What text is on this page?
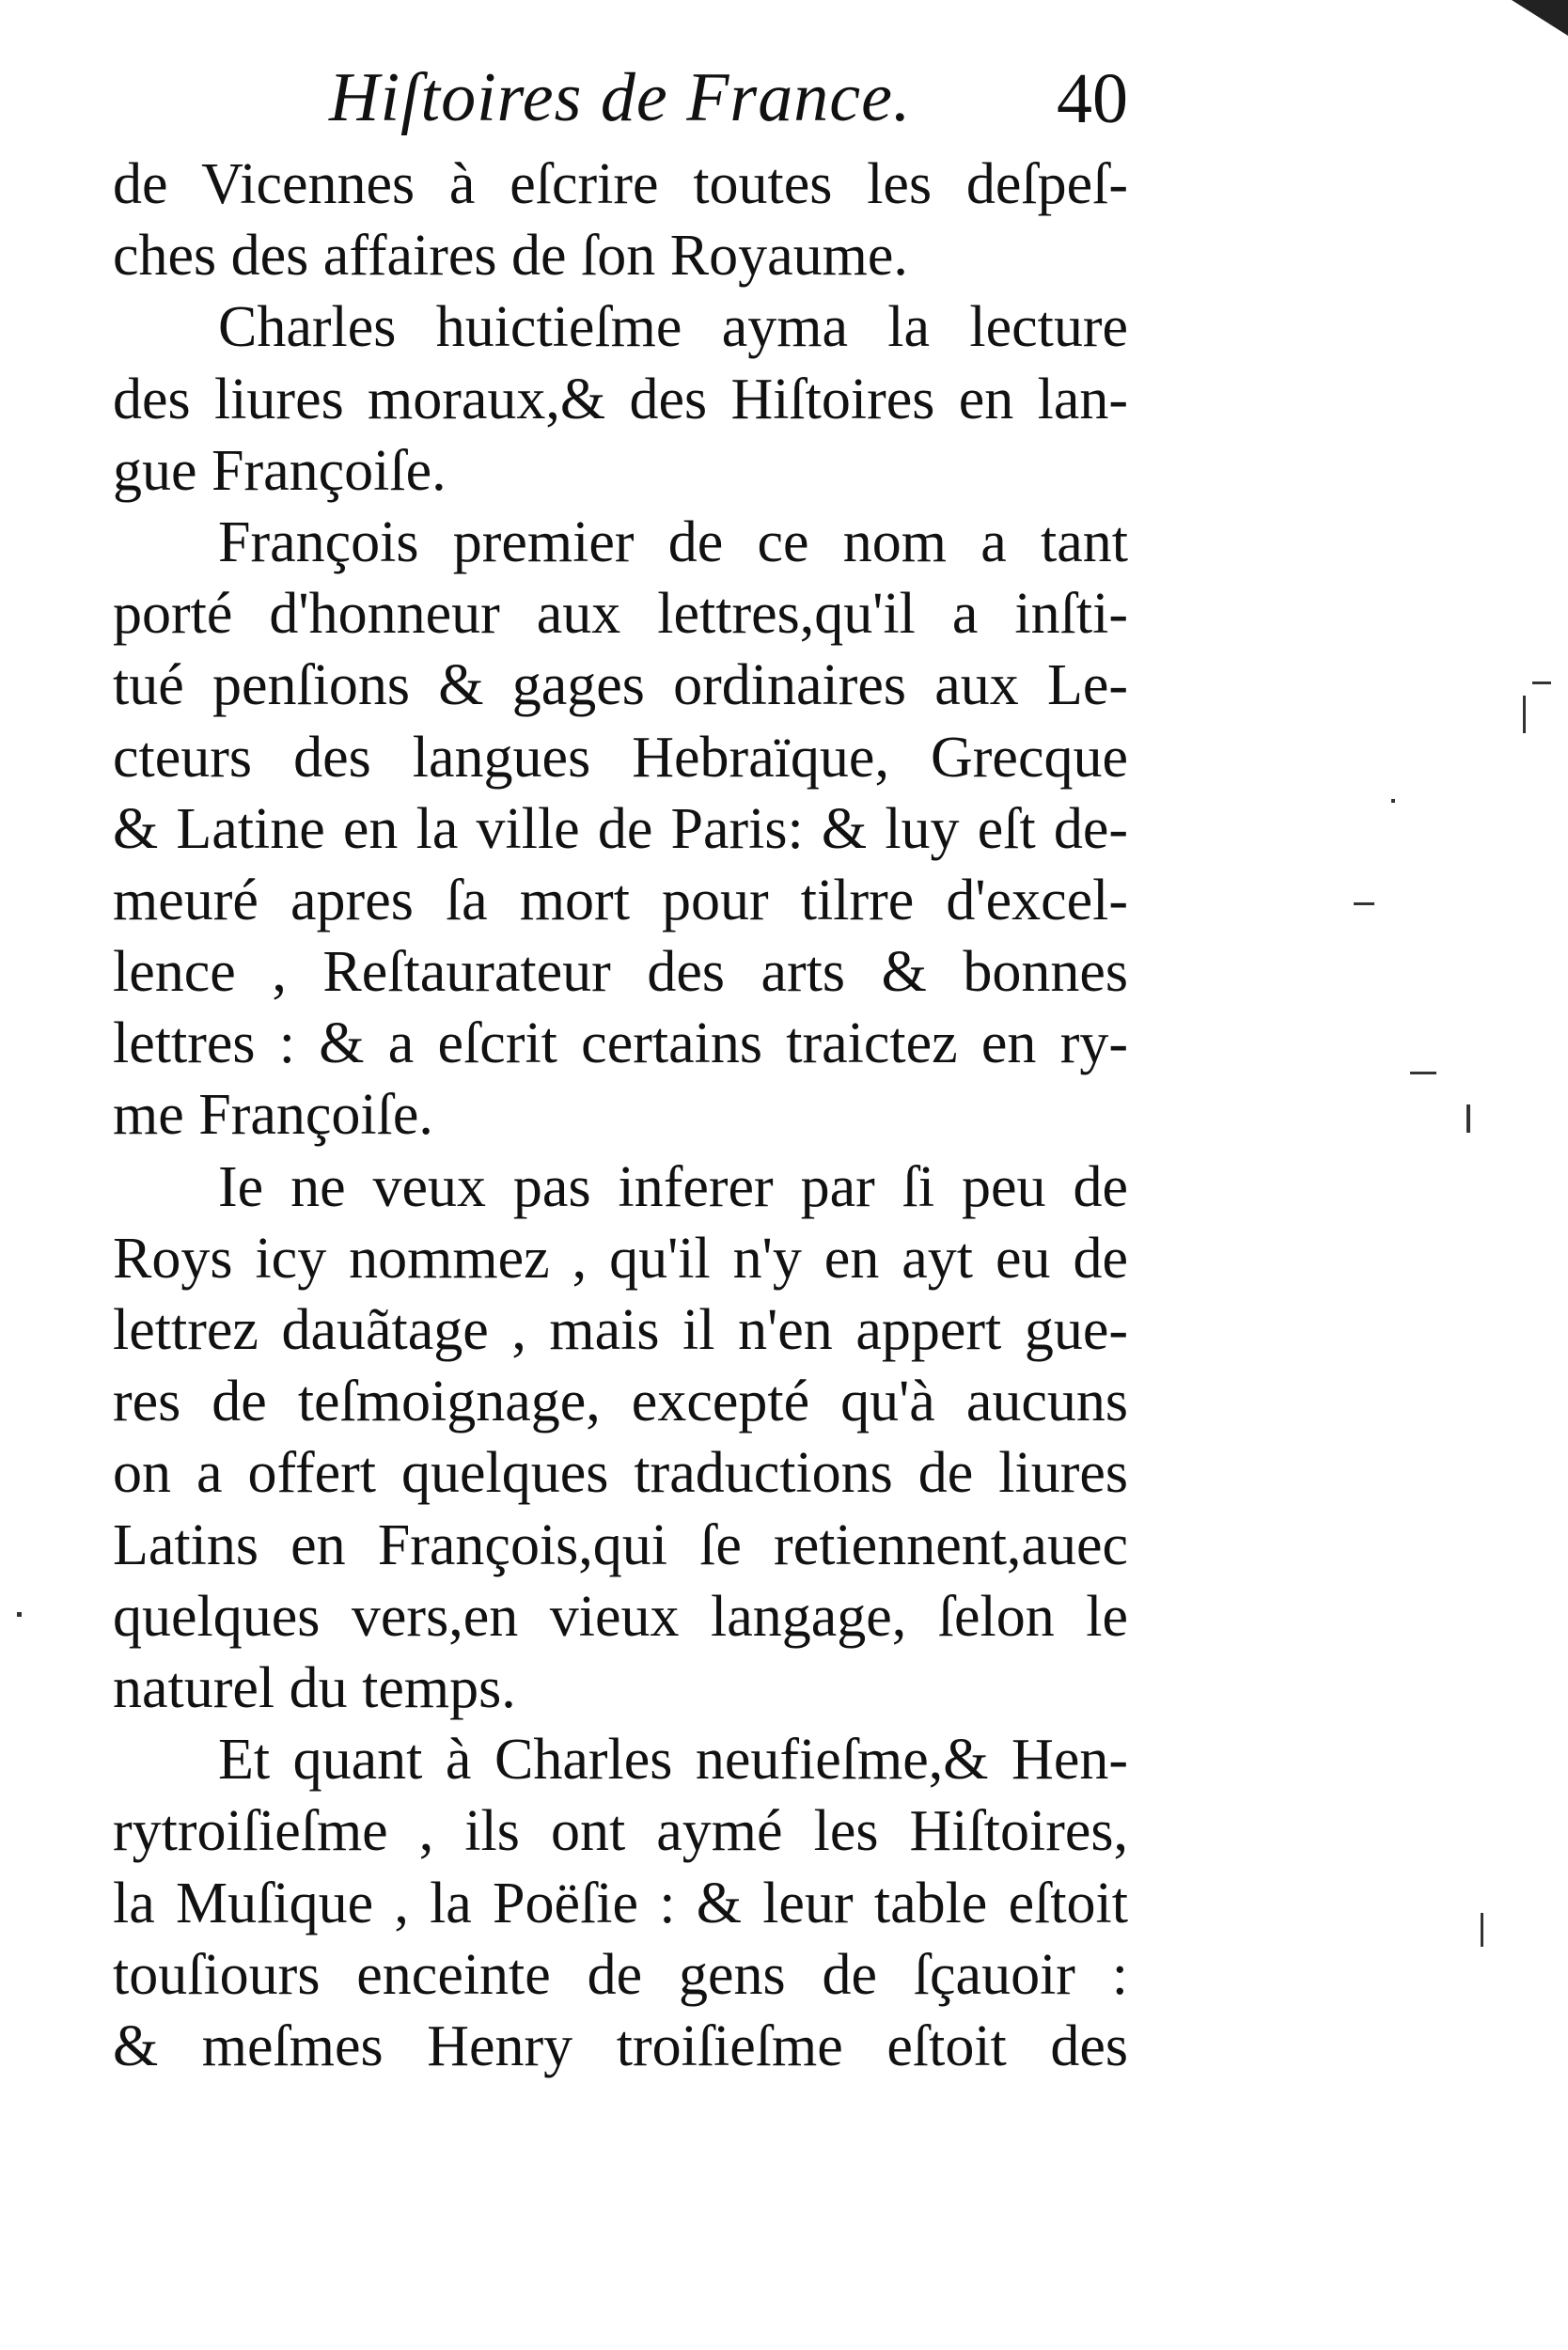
Hiſtoires de France. 40
de Vicennes à eſcrire toutes les deſpeſ-
ches des affaires de ſon Royaume.
Charles huictieſme ayma la lecture
des liures moraux,& des Hiſtoires en lan-
gue Françoiſe.
François premier de ce nom a tant
porté d'honneur aux lettres,qu'il a inſti-
tué penſions & gages ordinaires aux Le-
cteurs des langues Hebraïque, Grecque
& Latine en la ville de Paris: & luy eſt de-
meuré apres ſa mort pour tilrre d'excel-
lence , Reſtaurateur des arts & bonnes
lettres : & a eſcrit certains traictez en ry-
me Françoiſe.
Ie ne veux pas inferer par ſi peu de
Roys icy nommez , qu'il n'y en ayt eu de
lettrez dauãtage , mais il n'en appert gue-
res de teſmoignage, excepté qu'à aucuns
on a offert quelques traductions de liures
Latins en François,qui ſe retiennent,auec
quelques vers,en vieux langage, ſelon le
naturel du temps.
Et quant à Charles neufieſme,& Hen-
rytroiſieſme , ils ont aymé les Hiſtoires,
la Muſique , la Poëſie : & leur table eſtoit
touſiours enceinte de gens de ſçauoir :
& meſmes Henry troiſieſme eſtoit des
